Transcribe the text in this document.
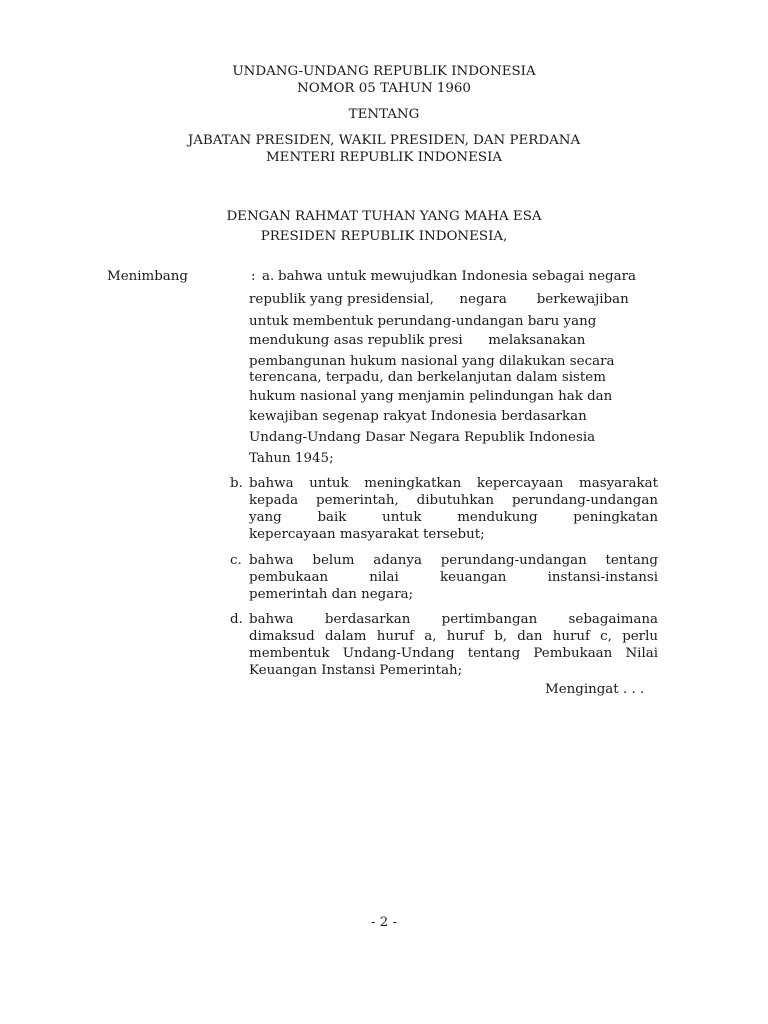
UNDANG-UNDANG REPUBLIK INDONESIA
NOMOR 05 TAHUN 1960
TENTANG
JABATAN PRESIDEN, WAKIL PRESIDEN, DAN PERDANA
MENTERI REPUBLIK INDONESIA
DENGAN RAHMAT TUHAN YANG MAHA ESA
PRESIDEN REPUBLIK INDONESIA,
Menimbang	: a. bahwa untuk mewujudkan Indonesia sebagai negara
republik yang presidensial,      negara       berkewajiban
untuk membentuk perundang-undangan baru yang
mendukung asas republik presi      melaksanakan
pembangunan hukum nasional yang dilakukan secara
terencana, terpadu, dan berkelanjutan dalam sistem
hukum nasional yang menjamin pelindungan hak dan
kewajiban segenap rakyat Indonesia berdasarkan
Undang-Undang Dasar Negara Republik Indonesia
Tahun 1945;
b. bahwa untuk meningkatkan kepercayaan masyarakat
kepada pemerintah, dibutuhkan perundang-undangan
yang baik untuk mendukung peningkatan
kepercayaan masyarakat tersebut;
c. bahwa belum adanya perundang-undangan tentang
pembukaan nilai keuangan instansi-instansi
pemerintah dan negara;
d. bahwa berdasarkan pertimbangan sebagaimana
dimaksud dalam huruf a, huruf b, dan huruf c, perlu
membentuk Undang-Undang tentang Pembukaan Nilai
Keuangan Instansi Pemerintah;
Mengingat . . .
- 2 -
